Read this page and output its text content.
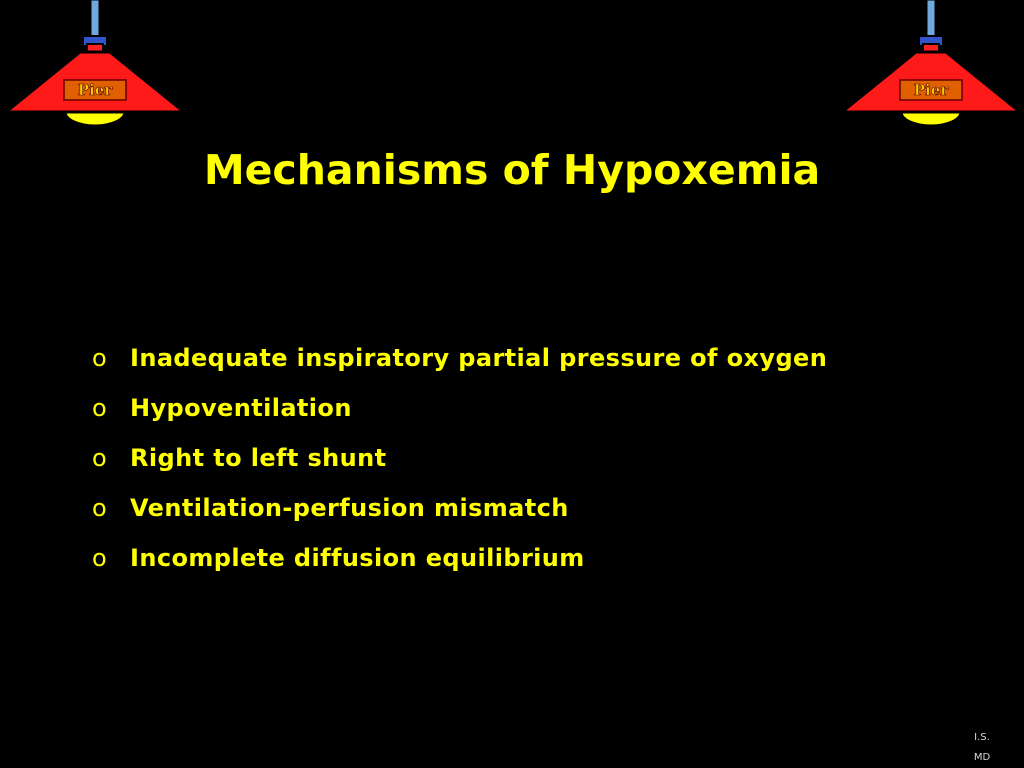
Pier	Pier
Mechanisms of Hypoxemia
o Inadequate inspiratory partial pressure of oxygen
o Hypoventilation
o Right to left shunt
o Ventilation-perfusion mismatch
o Incomplete diffusion equilibrium
I.S.
MD
